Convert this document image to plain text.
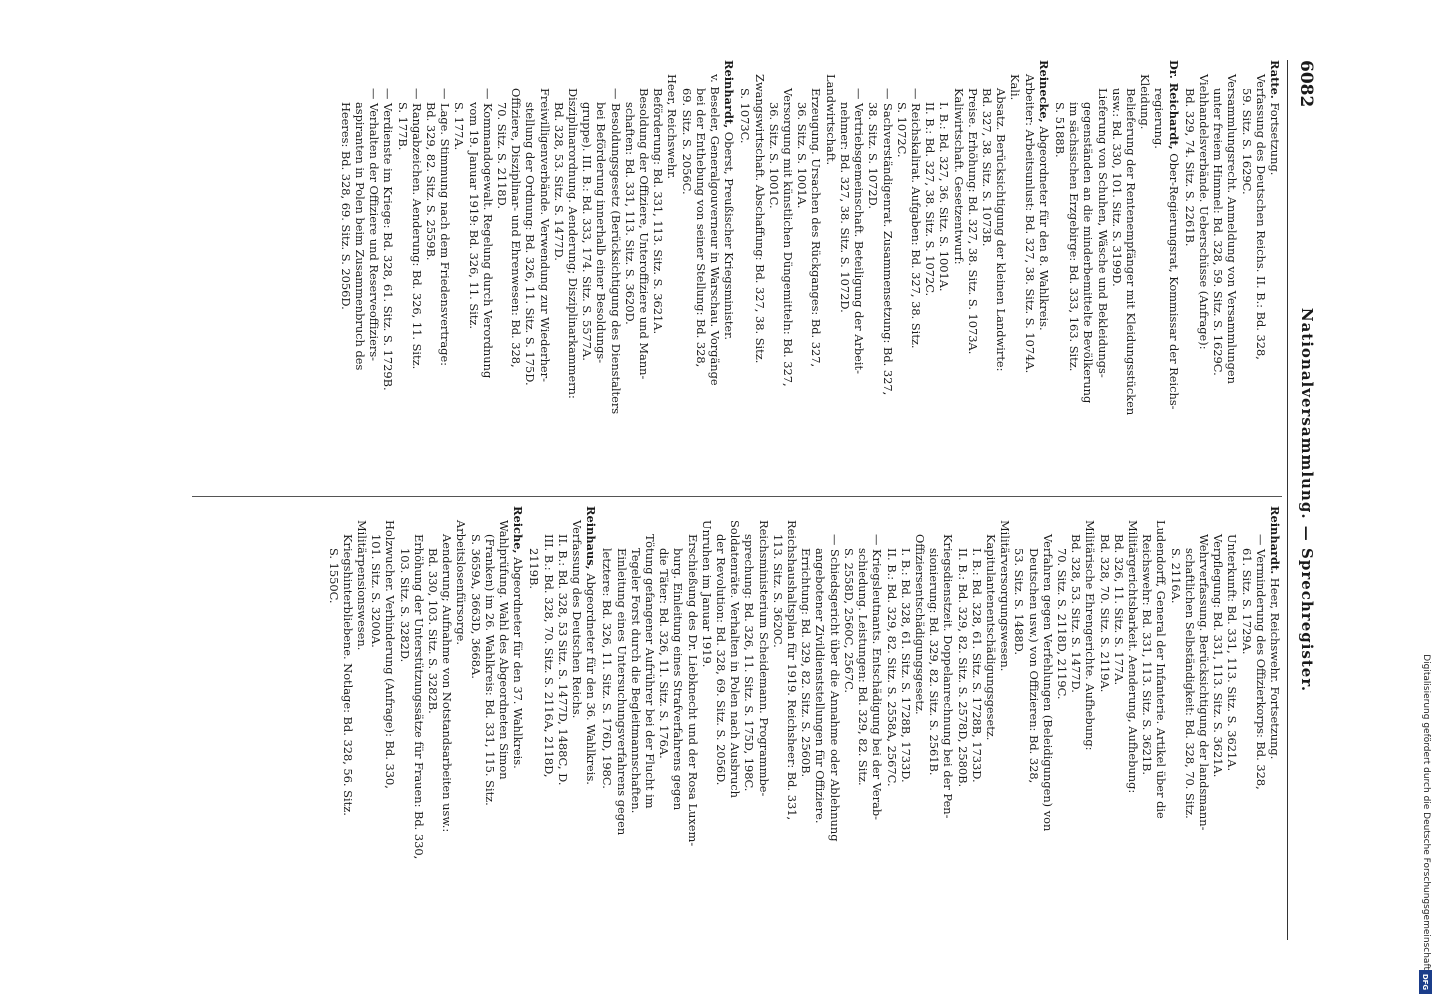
6082
Nationalversammlung. — Sprechregister.
Ratte. Fortsetzung.
Verfassung des Deutschen Reichs. II. B.: Bd. 328,
59. Sitz. S. 1629C.
Versammlungsrecht. Anmeldung von Versammlungen
unter freiem Himmel: Bd. 328, 59. Sitz. S. 1629C.
Viehhandelsverbände. Ueberschüsse (Anfrage):
Bd. 329, 74. Sitz. S. 2261B.
Dr. Reichardt, Ober-Regierungsrat, Kommissar der Reichs-
regierung.
Kleidung.
Belieferung der Rentenempfänger mit Kleidungsstücken
usw.: Bd. 330, 101. Sitz. S. 3199D.
Lieferung von Schuhen, Wäsche und Bekleidungs-
gegenständen an die minderbemittelte Bevölkerung
im sächsischen Erzgebirge: Bd. 333, 163. Sitz.
S. 5188B.
Reinecke, Abgeordneter für den 8. Wahlkreis.
Arbeiter: Arbeitsunlust: Bd. 327, 38. Sitz. S. 1074A.
Kali.
Absatz. Berücksichtigung der kleinen Landwirte:
Bd. 327, 38. Sitz. S. 1073B.
Preise. Erhöhung: Bd. 327, 38. Sitz. S. 1073A.
Kaliwirtschaft. Gesetzentwurf:
I. B.: Bd. 327, 36. Sitz. S. 1001A.
II. B.: Bd. 327, 38. Sitz. S. 1072C.
— Reichskalirat. Aufgaben: Bd. 327, 38. Sitz.
S. 1072C.
— Sachverständigenrat. Zusammensetzung: Bd. 327,
38. Sitz. S. 1072D.
— Vertriebsgemeinschaft. Beteiligung der Arbeit-
nehmer: Bd. 327, 38. Sitz. S. 1072D.
Landwirtschaft.
Erzeugung. Ursachen des Rückganges: Bd. 327,
36. Sitz. S. 1001A.
Versorgung mit künstlichen Düngemitteln: Bd. 327,
36. Sitz. S. 1001C.
Zwangswirtschaft. Abschaffung: Bd. 327, 38. Sitz.
S. 1073C.
Reinhardt, Oberst, Preußischer Kriegsminister.
v. Beseler, Generalgouverneur in Warschau. Vorgänge
bei der Enthebung von seiner Stellung: Bd. 328,
69. Sitz. S. 2056C.
Heer, Reichswehr.
Beförderung: Bd. 331, 113. Sitz. S. 3621A.
Besoldung der Offiziere, Unteroffiziere und Mann-
schaften: Bd. 331, 113. Sitz. S. 3620D.
— Besoldungsgesetz (Berücksichtigung des Dienstalters
bei Beförderung innerhalb einer Besoldungs-
gruppe). III. B.: Bd. 333, 174. Sitz. S. 5577A.
Disziplinarordnung. Aenderung; Disziplinarkammern:
Bd. 328, 53. Sitz. S. 1477D.
Freiwilligenverbände. Verwendung zur Wiederher-
stellung der Ordnung: Bd. 326, 11. Sitz. S. 175D.
Offiziere, Disziplinar- und Ehrenwesen: Bd. 328,
70. Sitz. S. 2118D.
— Kommandogewalt. Regelung durch Verordnung
vom 19. Januar 1919: Bd. 326, 11. Sitz.
S. 177A.
— Lage. Stimmung nach dem Friedensvertrage:
Bd. 329, 82. Sitz. S. 2559B.
— Rangabzeichen. Aenderung: Bd. 326, 11. Sitz.
S. 177B.
— Verdienste im Kriege: Bd. 328, 61. Sitz. S. 1729B.
— Verhalten der Offiziere und Reserveoffiziers-
aspiranten in Polen beim Zusammenbruch des
Heeres: Bd. 328, 69. Sitz. S. 2056D.
Reinhardt. Heer, Reichswehr. Fortsetzung.
— Verminderung des Offizierkorps: Bd. 328,
61. Sitz. S. 1729A.
Unterkunft: Bd. 331, 113. Sitz. S. 3621A.
Verpflegung: Bd. 331, 113. Sitz. S. 3621A.
Wehrverfassung. Berücksichtigung der landsmann-
schaftlichen Selbständigkeit: Bd. 328, 70. Sitz.
S. 2116A.
Ludendorff, General der Infanterie. Artikel über die
Reichswehr: Bd. 331, 113. Sitz. S. 3621B.
Militärgerichtsbarkeit. Aenderung, Aufhebung:
Bd. 326, 11. Sitz. S. 177A.
Bd. 328, 70. Sitz. S. 2119A.
Militärische Ehrengerichte. Aufhebung:
Bd. 328, 53. Sitz. S. 1477D.
70. Sitz. S. 2118D, 2119C.
Verfahren gegen Verfehlungen (Beleidigungen) von
Deutschen usw.) von Offizieren: Bd. 328,
53. Sitz. S. 1488D.
Militärversorgungswesen.
Kapitulantenentschädigungsgesetz.
I. B.: Bd. 328, 61. Sitz. S. 1728B, 1733D.
II. B.: Bd. 329, 82. Sitz. S. 2578D, 2580B.
Kriegsdienstzeit. Doppelanrechnung bei der Pen-
sionierung: Bd. 329, 82. Sitz. S. 2561B.
Offiziersentschädigungsgesetz.
I. B.: Bd. 328, 61. Sitz. S. 1728B, 1733D.
II. B.: Bd. 329, 82. Sitz. S. 2558A, 2567C.
— Kriegsleutnants. Entschädigung bei der Verab-
schiedung. Leistungen: Bd. 329, 82. Sitz.
S. 2558D, 2560C, 2567C.
— Schiedsgericht über die Annahme oder Ablehnung
angebotener Zivildienststellungen für Offiziere.
Errichtung: Bd. 329, 82. Sitz. S. 2560B.
Reichshaushaltsplan für 1919. Reichsheer: Bd. 331,
113. Sitz. S. 3620C.
Reichsministerium Scheidemann. Programmbe-
sprechung: Bd. 326, 11. Sitz. S. 175D, 198C.
Soldatenräte. Verhalten in Polen nach Ausbruch
der Revolution: Bd. 328, 69. Sitz. S. 2056D.
Unruhen im Januar 1919.
Erschießung des Dr. Liebknecht und der Rosa Luxem-
burg. Einleitung eines Strafverfahrens gegen
die Täter: Bd. 326, 11. Sitz. S. 176A.
Tötung gefangener Aufrührer bei der Flucht im
Tegeler Forst durch die Begleitmannschaften.
Einleitung eines Untersuchungsverfahrens gegen
letztere: Bd. 326, 11. Sitz. S. 176D, 198C.
Reinhaus, Abgeordneter für den 36. Wahlkreis.
Verfassung des Deutschen Reichs.
II. B.: Bd. 328, 53 Sitz. S. 1477D, 1488C, D.
III. B.: Bd. 328, 70. Sitz. S. 2116A, 2118D,
2119B.
Reiche, Abgeordneter für den 37. Wahlkreis.
Wahlprüfung. Wahl des Abgeordneten Simon
(Franken) im 26. Wahlkreis: Bd. 331, 115. Sitz.
S. 3659A, 3663D, 3668A.
Arbeitslosenfürsorge.
Aenderung; Aufnahme von Notstandsarbeiten usw.:
Bd. 330, 103. Sitz. S. 3282B.
Erhöhung der Unterstützungssätze für Frauen: Bd. 330,
103. Sitz. S. 3282D.
Holzwucher. Verhinderung (Anfrage): Bd. 330,
101. Sitz. S. 3200A.
Militärpensionswesen.
Kriegshinterbliebene. Notlage: Bd. 328, 56. Sitz.
S. 1550C.
Digitalisierung gefördert durch die Deutsche Forschungsgemeinschaft
DFG
